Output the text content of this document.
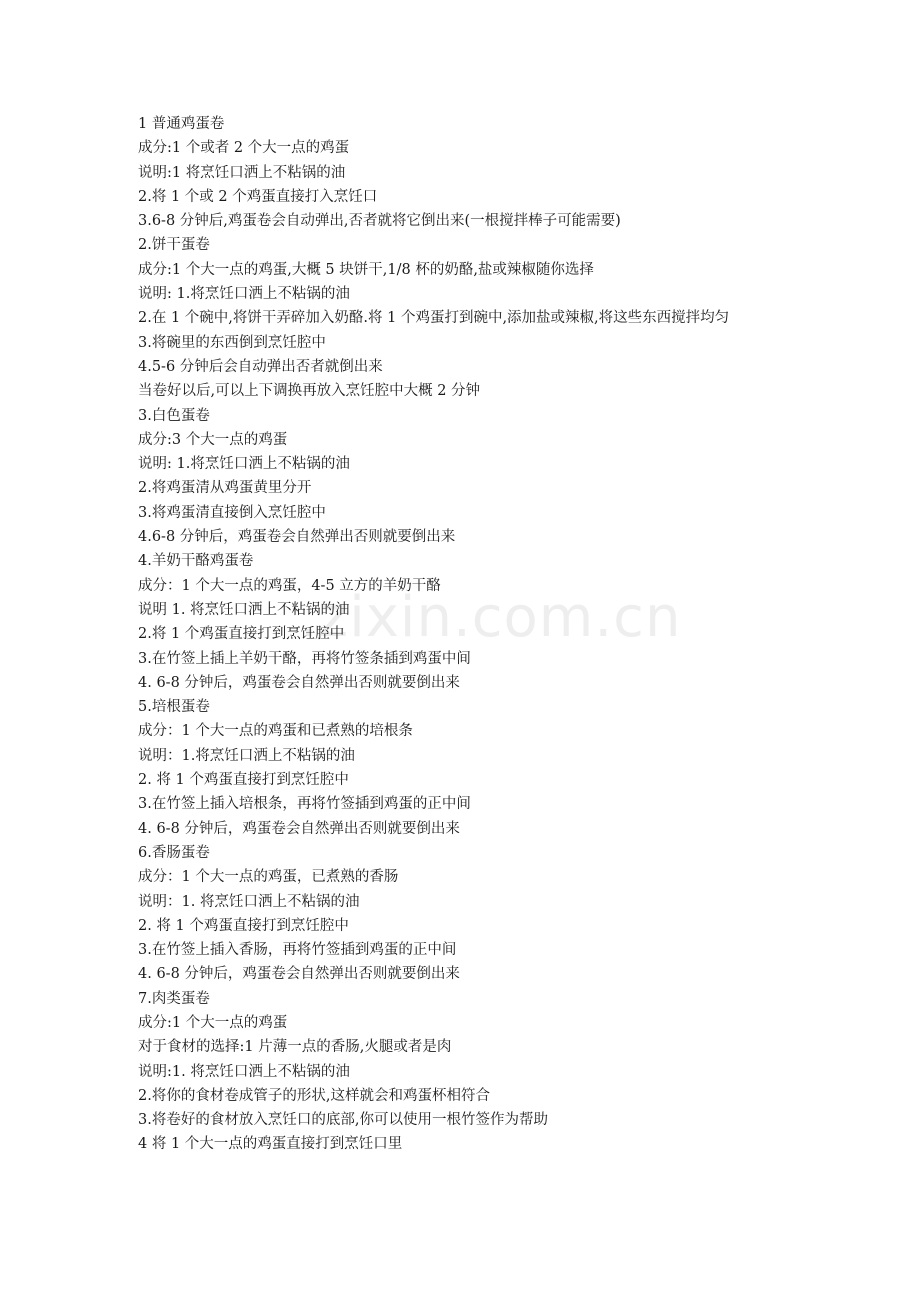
.zixin.com.cn

1 普通鸡蛋卷

成分:1 个或者 2 个大一点的鸡蛋

说明:1 将烹饪口洒上不粘锅的油

2.将 1 个或 2 个鸡蛋直接打入烹饪口

3.6-8 分钟后,鸡蛋卷会自动弹出,否者就将它倒出来(一根搅拌棒子可能需要)

2.饼干蛋卷

成分:1 个大一点的鸡蛋,大概 5 块饼干,1/8 杯的奶酪,盐或辣椒随你选择

说明: 1.将烹饪口洒上不粘锅的油

2.在 1 个碗中,将饼干弄碎加入奶酪.将 1 个鸡蛋打到碗中,添加盐或辣椒,将这些东西搅拌均匀

3.将碗里的东西倒到烹饪腔中

4.5-6 分钟后会自动弹出否者就倒出来

当卷好以后,可以上下调换再放入烹饪腔中大概 2 分钟

3.白色蛋卷

成分:3 个大一点的鸡蛋

说明: 1.将烹饪口洒上不粘锅的油

2.将鸡蛋清从鸡蛋黄里分开

3.将鸡蛋清直接倒入烹饪腔中

4.6-8 分钟后，鸡蛋卷会自然弹出否则就要倒出来

4.羊奶干酪鸡蛋卷

成分：1 个大一点的鸡蛋，4-5 立方的羊奶干酪

说明 1. 将烹饪口洒上不粘锅的油

2.将 1 个鸡蛋直接打到烹饪腔中

3.在竹签上插上羊奶干酪，再将竹签条插到鸡蛋中间

4. 6-8 分钟后，鸡蛋卷会自然弹出否则就要倒出来

5.培根蛋卷

成分：1 个大一点的鸡蛋和已煮熟的培根条

说明：1.将烹饪口洒上不粘锅的油

2. 将 1 个鸡蛋直接打到烹饪腔中

3.在竹签上插入培根条，再将竹签插到鸡蛋的正中间

4. 6-8 分钟后，鸡蛋卷会自然弹出否则就要倒出来

6.香肠蛋卷

成分：1 个大一点的鸡蛋，已煮熟的香肠

说明：1. 将烹饪口洒上不粘锅的油

2. 将 1 个鸡蛋直接打到烹饪腔中

3.在竹签上插入香肠，再将竹签插到鸡蛋的正中间

4. 6-8 分钟后，鸡蛋卷会自然弹出否则就要倒出来

7.肉类蛋卷

成分:1 个大一点的鸡蛋

对于食材的选择:1 片薄一点的香肠,火腿或者是肉

说明:1. 将烹饪口洒上不粘锅的油

2.将你的食材卷成管子的形状,这样就会和鸡蛋杯相符合

3.将卷好的食材放入烹饪口的底部,你可以使用一根竹签作为帮助

4 将 1 个大一点的鸡蛋直接打到烹饪口里
